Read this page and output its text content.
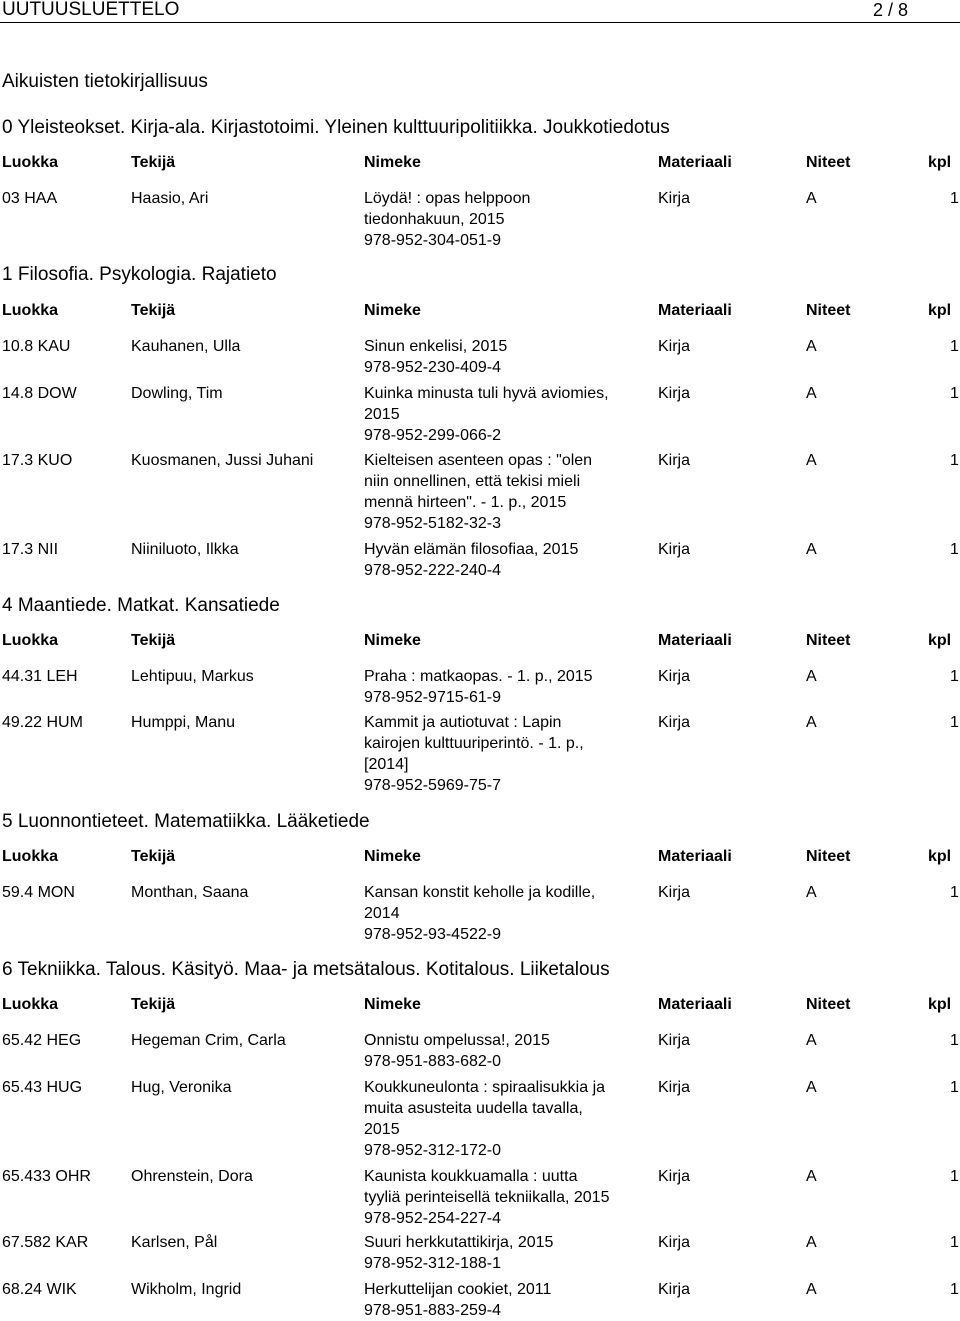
UUTUUSLUETTELO	2 / 8
Aikuisten tietokirjallisuus
0 Yleisteokset. Kirja-ala. Kirjastotoimi. Yleinen kulttuuripolitiikka. Joukkotiedotus
Luokka	Tekijä	Nimeke	Materiaali	Niteet	kpl
03 HAA	Haasio, Ari	Löydä! : opas helppoon
tiedonhakuun, 2015
978-952-304-051-9
Kirja	A	1
1 Filosofia. Psykologia. Rajatieto
Luokka	Tekijä	Nimeke	Materiaali	Niteet	kpl
10.8 KAU	Kauhanen, Ulla	Sinun enkelisi, 2015
978-952-230-409-4
Kirja	A	1
14.8 DOW	Dowling, Tim	Kuinka minusta tuli hyvä aviomies,
2015
978-952-299-066-2
Kirja	A	1
17.3 KUO	Kuosmanen, Jussi Juhani	Kielteisen asenteen opas : "olen
niin onnellinen, että tekisi mieli
mennä hirteen". - 1. p., 2015
978-952-5182-32-3
Kirja	A	1
17.3 NII	Niiniluoto, Ilkka	Hyvän elämän filosofiaa, 2015
978-952-222-240-4
Kirja	A	1
4 Maantiede. Matkat. Kansatiede
Luokka	Tekijä	Nimeke	Materiaali	Niteet	kpl
44.31 LEH	Lehtipuu, Markus	Praha : matkaopas. - 1. p., 2015
978-952-9715-61-9
Kirja	A	1
49.22 HUM	Humppi, Manu	Kammit ja autiotuvat : Lapin
kairojen kulttuuriperintö. - 1. p.,
[2014]
978-952-5969-75-7
Kirja	A	1
5 Luonnontieteet. Matematiikka. Lääketiede
Luokka	Tekijä	Nimeke	Materiaali	Niteet	kpl
59.4 MON	Monthan, Saana	Kansan konstit keholle ja kodille,
2014
978-952-93-4522-9
Kirja	A	1
6 Tekniikka. Talous. Käsityö. Maa- ja metsätalous. Kotitalous. Liiketalous
Luokka	Tekijä	Nimeke	Materiaali	Niteet	kpl
65.42 HEG	Hegeman Crim, Carla	Onnistu ompelussa!, 2015
978-951-883-682-0
Kirja	A	1
65.43 HUG	Hug, Veronika	Koukkuneulonta : spiraalisukkia ja
muita asusteita uudella tavalla,
2015
978-952-312-172-0
Kirja	A	1
65.433 OHR	Ohrenstein, Dora	Kaunista koukkuamalla : uutta
tyyliä perinteisellä tekniikalla, 2015
978-952-254-227-4
Kirja	A	1
67.582 KAR	Karlsen, Pål	Suuri herkkutattikirja, 2015
978-952-312-188-1
Kirja	A	1
68.24 WIK	Wikholm, Ingrid	Herkuttelijan cookiet, 2011
978-951-883-259-4
Kirja	A	1
